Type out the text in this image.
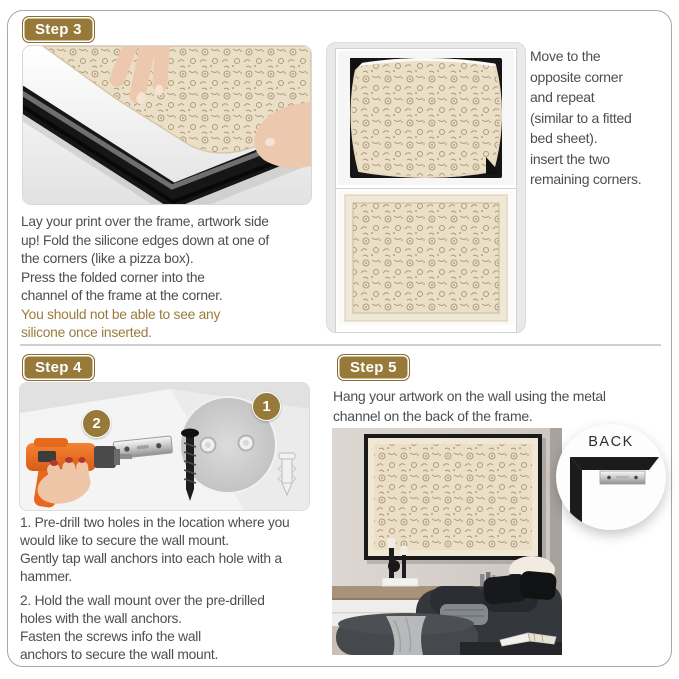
Step 3
Lay your print over the frame, artwork side
up! Fold the silicone edges down at one of
the corners (like a pizza box).
Press the folded corner into the
channel of the frame at the corner.
You should not be able to see any
silicone once inserted.
Move to the
opposite corner
and repeat
(similar to a fitted
bed sheet).
insert the two
remaining corners.
Step 4
1
2
1. Pre-drill two holes in the location where you
would like to secure the wall mount.
Gently tap wall anchors into each hole with a
hammer.
2. Hold the wall mount over the pre-drilled
holes with the wall anchors.
Fasten the screws info the wall
anchors to secure the wall mount.
Step 5
Hang your artwork on the wall using the metal
channel on the back of the frame.
BACK
